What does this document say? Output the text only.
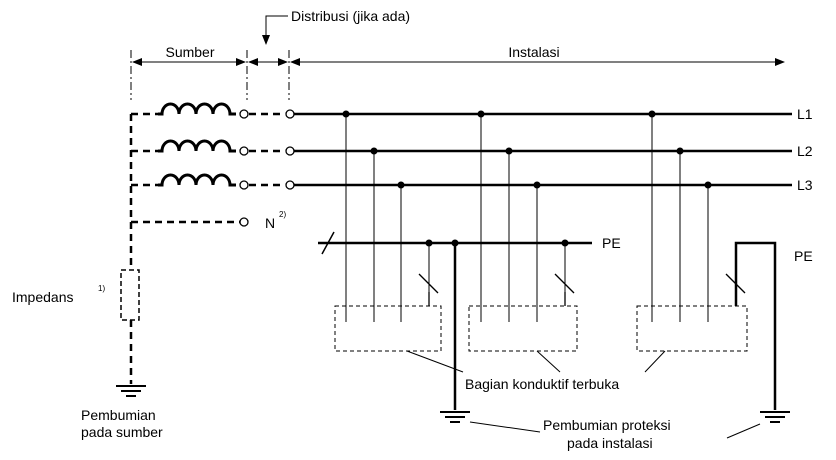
Distribusi (jika ada)
Sumber	Instalasi
Impedans
1)
Pembumian
pada sumber
N
2)
L1
L2
L3
PE
PE
Bagian konduktif terbuka
Pembumian proteksi
pada instalasi
